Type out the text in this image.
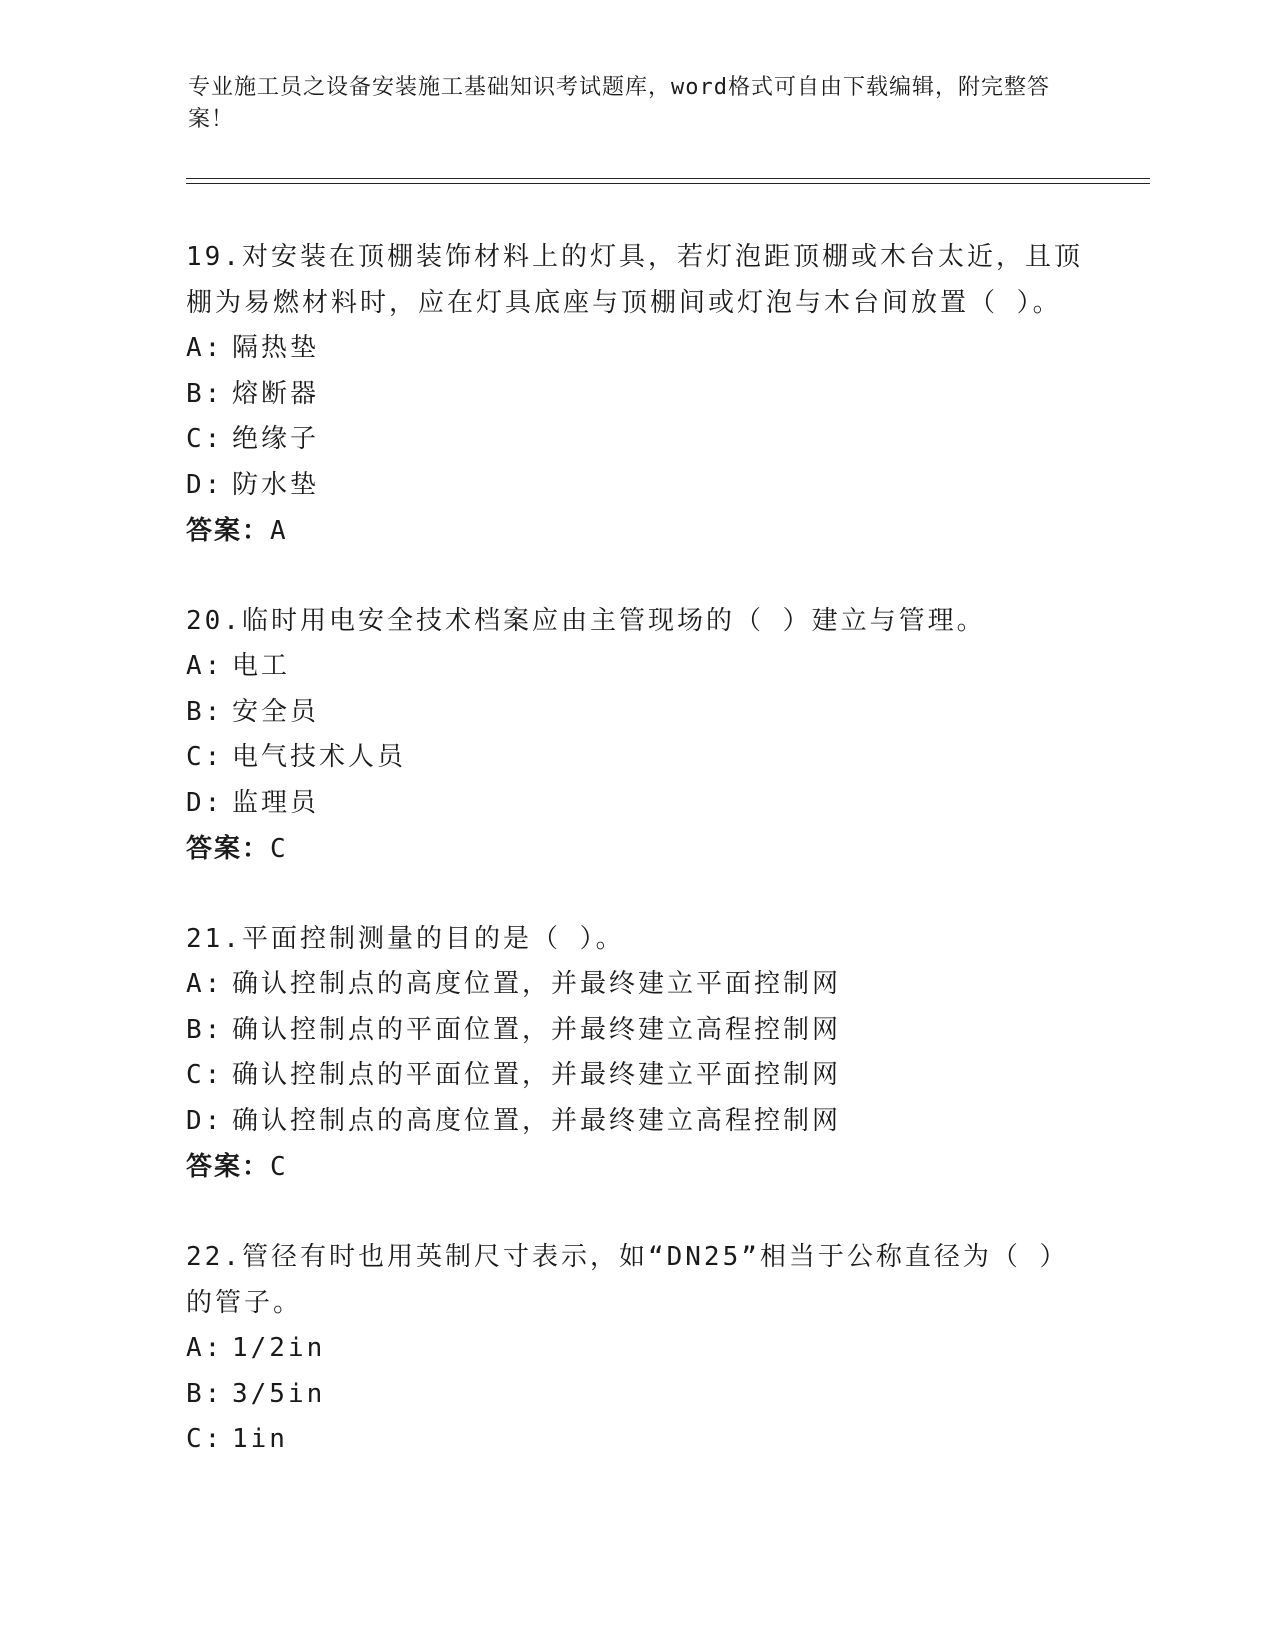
专业施工员之设备安装施工基础知识考试题库，word格式可自由下载编辑，附完整答案！
19.对安装在顶棚装饰材料上的灯具，若灯泡距顶棚或木台太近，且顶棚为易燃材料时，应在灯具底座与顶棚间或灯泡与木台间放置（ ）。
A: 隔热垫
B: 熔断器
C: 绝缘子
D: 防水垫
答案：A
20.临时用电安全技术档案应由主管现场的（ ）建立与管理。
A: 电工
B: 安全员
C: 电气技术人员
D: 监理员
答案：C
21.平面控制测量的目的是（ ）。
A: 确认控制点的高度位置，并最终建立平面控制网
B: 确认控制点的平面位置，并最终建立高程控制网
C: 确认控制点的平面位置，并最终建立平面控制网
D: 确认控制点的高度位置，并最终建立高程控制网
答案：C
22.管径有时也用英制尺寸表示，如“DN25”相当于公称直径为（ ）的管子。
A: 1/2in
B: 3/5in
C: 1in
